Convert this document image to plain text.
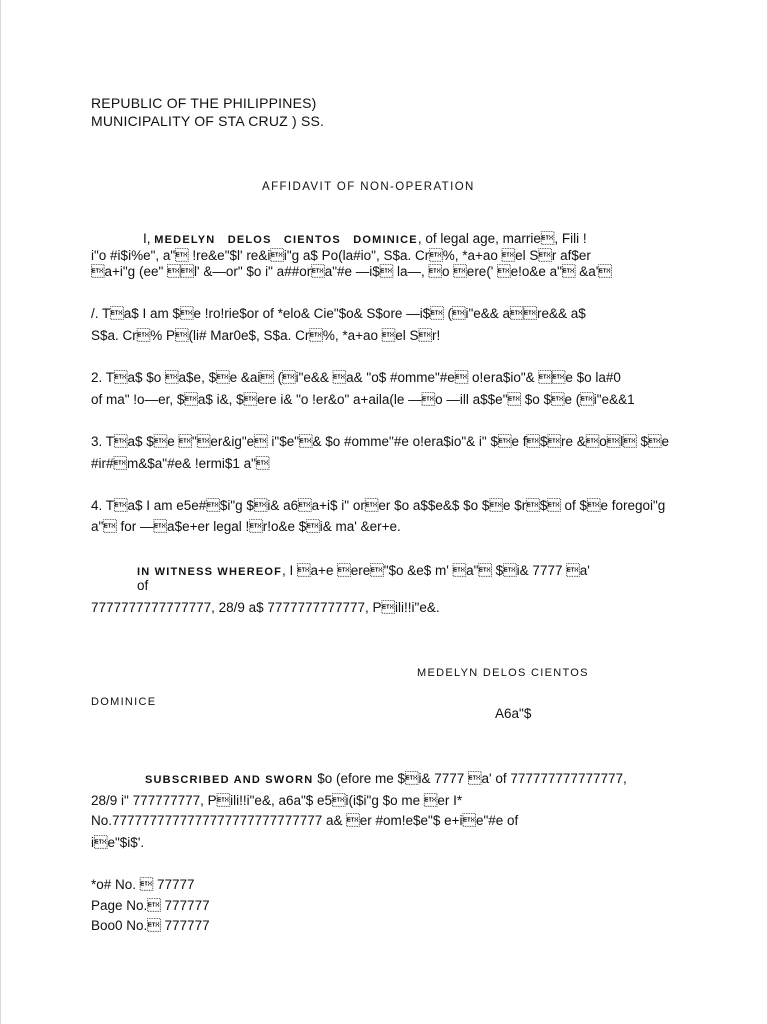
REPUBLIC OF THE PHILIPPINES)
MUNICIPALITY OF STA CRUZ ) SS.
AFFIDAVIT OF NON-OPERATION
I, MEDELYN DELOS CIENTOS DOMINICE, of legal age, marrie, Fili !
i"o #i$i%e", a" !re&e"$l' re&ii"g a$ Po(la#io", S$a. Cr%, *a+ao el Sr af$er
a+i"g (ee" l' &—or" $o i" a##ora"#e —i$ la—, o ere(' e!o&e a" &a'
/. Ta$ I am $e !ro!rie$or of *elo& Cie"$o& S$ore —i$ (i"e&& are&& a$
S$a. Cr% P(li# Mar0e$, S$a. Cr%, *a+ao el Sr!
2. Ta$ $o a$e, $e &ai (i"e&& a& "o$ #omme"#e o!era$io"& e $o la#0
of ma" !o—er, $a$ i&, $ere i& "o !er&o" a+aila(le —o —ill a$$e" $o $e (i"e&&1
3. Ta$ $e "er&ig"e i"$e"& $o #omme"#e o!era$io"& i" $e f$re &ol $e
#ir#m&$a"#e& !ermi$1 a"
4. Ta$ I am e5e#$i"g $i& a6a+i$ i" orer $o a$$e&$ $o $e $r$ of $e foregoi"g
a" for —a$e+er legal !r!o&e $i& ma' &er+e.
IN WITNESS WHEREOF, I a+e ere"$o &e$ m' a" $i& 7777 a'
of
7777777777777777, 28/9 a$ 7777777777777, Pili!!i"e&.
MEDELYN DELOS CIENTOS
DOMINICE
A6a"$
SUBSCRIBED AND SWORN $o (efore me $i& 7777 a' of 777777777777777,
28/9 i" 777777777, Pili!!i"e&, a6a"$ e5i(i$i"g $o me er I*
No.7777777777777777777777777777 a& er #om!e$e"$ e+ie"#e of
ie"$i$'.
*o# No.  77777
Page No. 777777
Boo0 No. 777777
